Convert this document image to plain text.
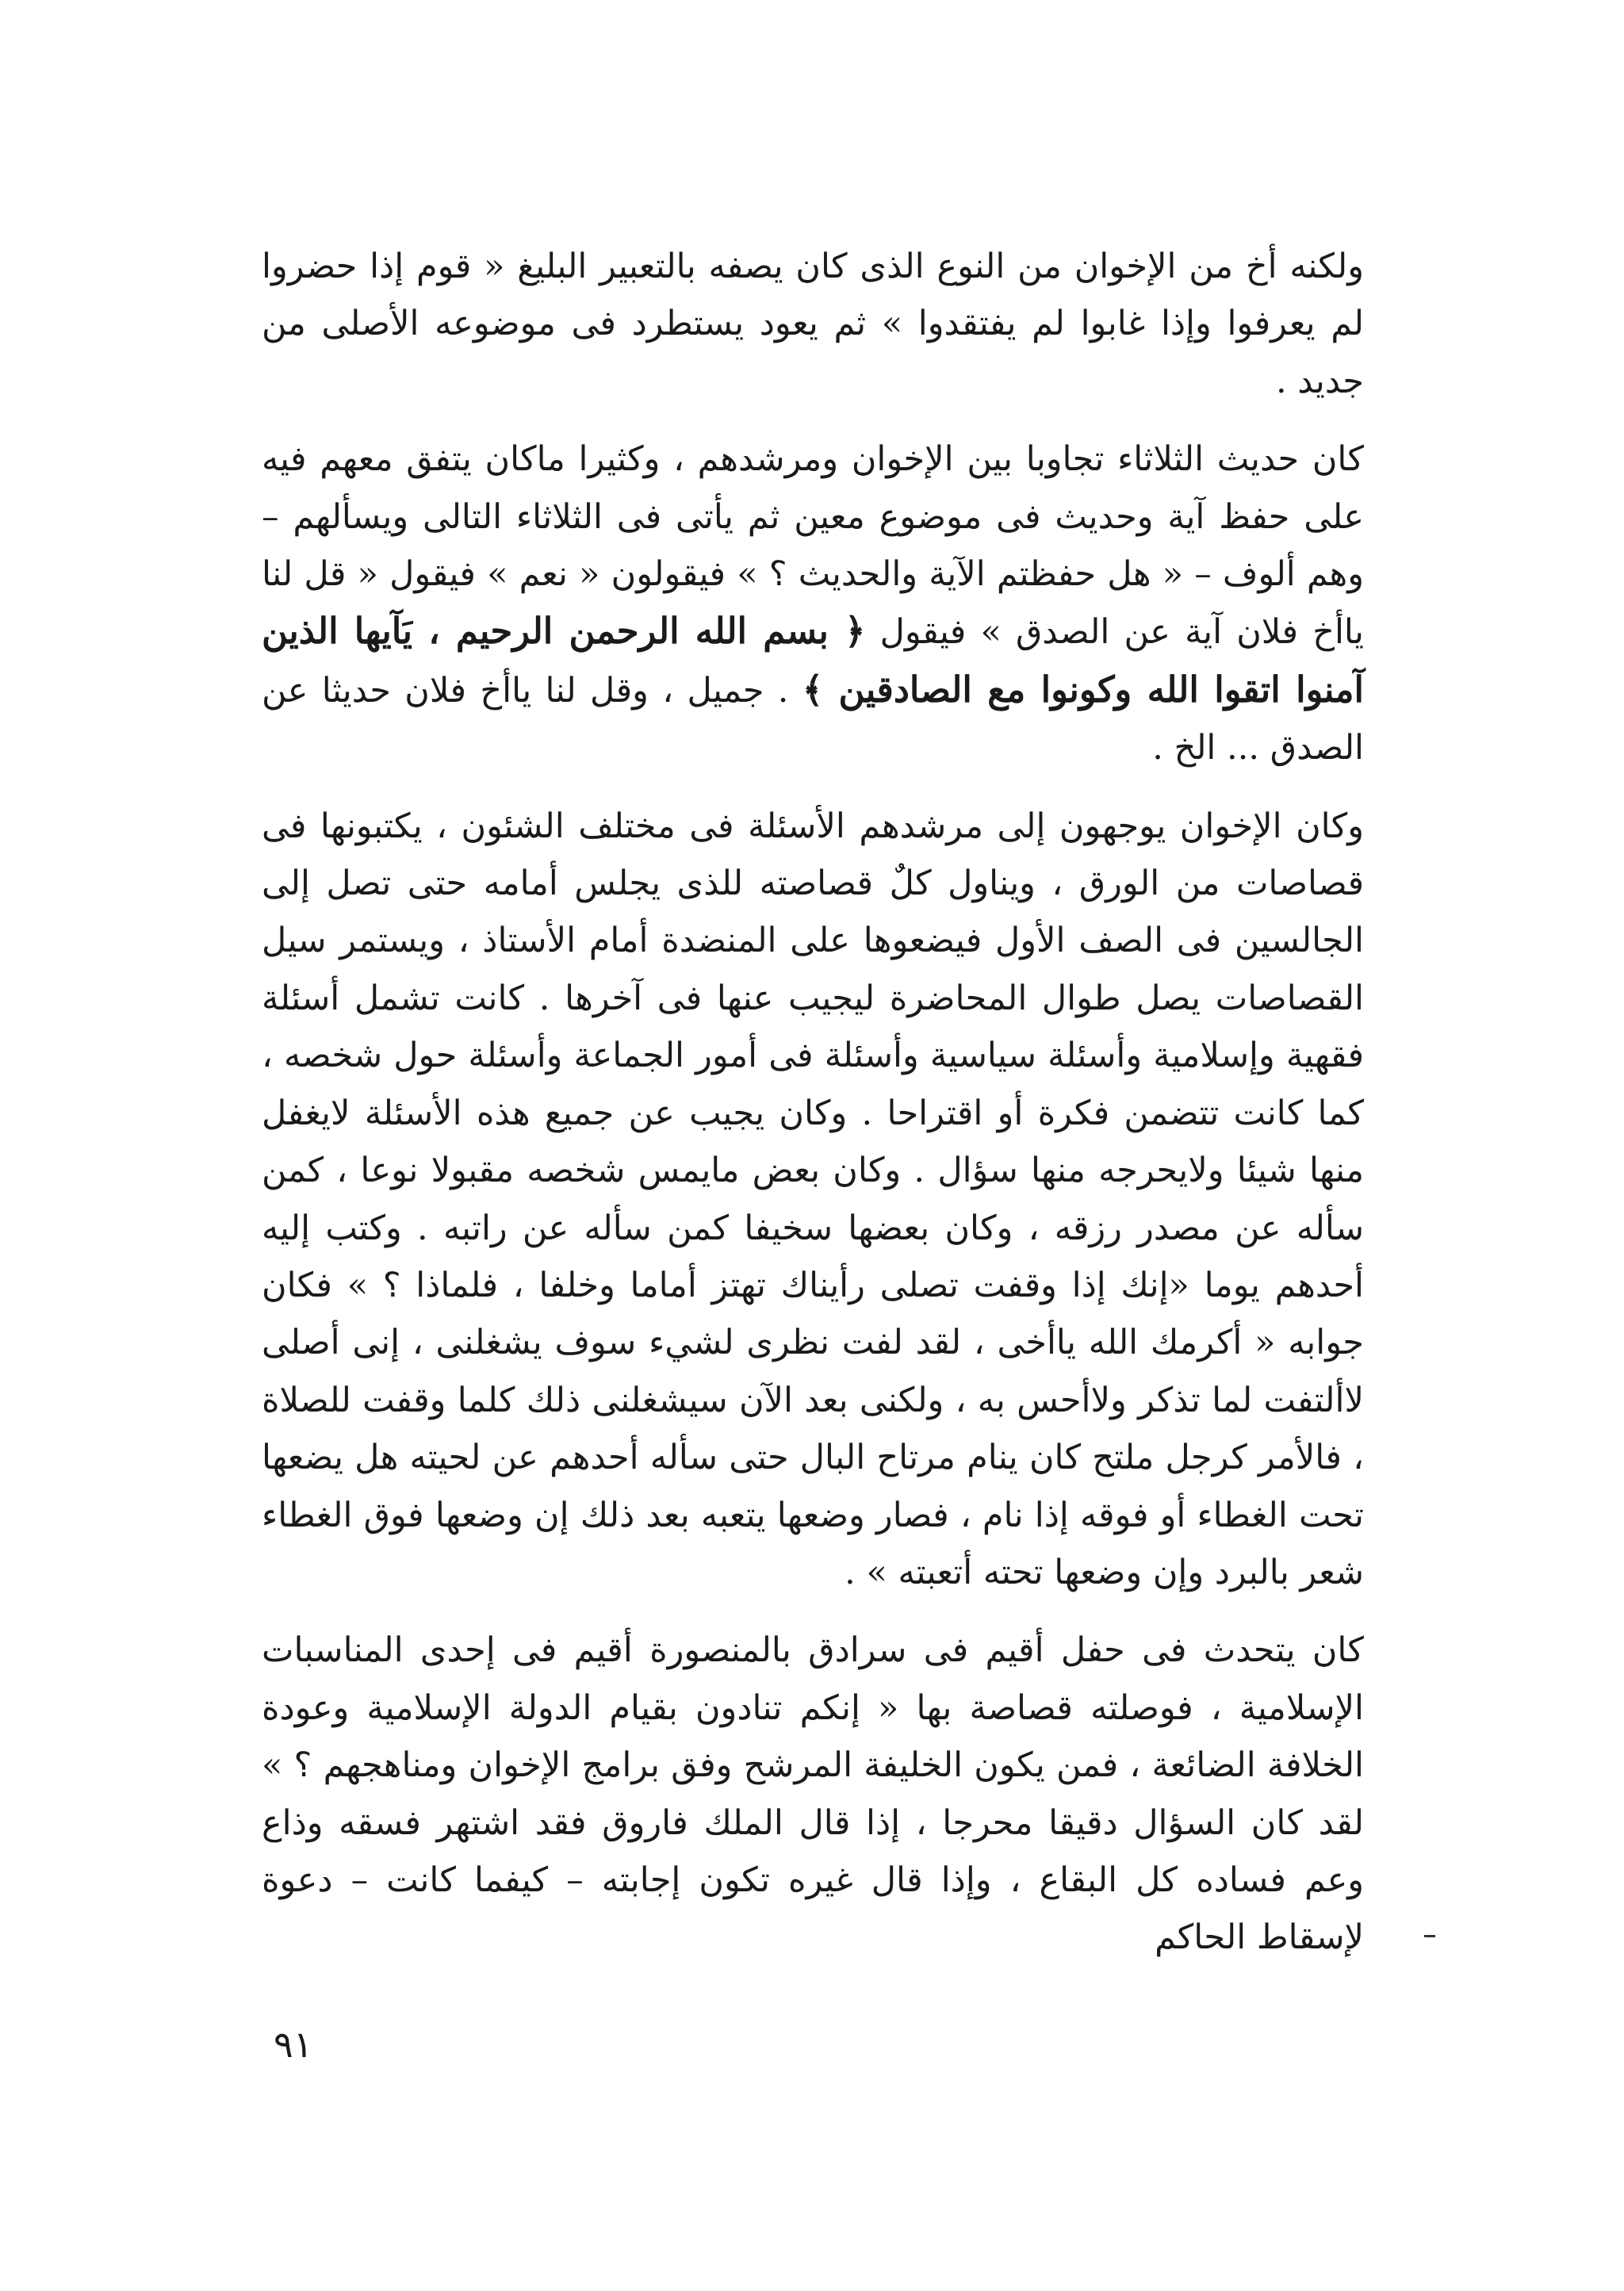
ولكنه أخ من الإخوان من النوع الذى كان يصفه بالتعبير البليغ « قوم إذا حضروا لم يعرفوا وإذا غابوا لم يفتقدوا » ثم يعود يستطرد فى موضوعه الأصلى من جديد .

كان حديث الثلاثاء تجاوبا بين الإخوان ومرشدهم ، وكثيرا ماكان يتفق معهم فيه على حفظ آية وحديث فى موضوع معين ثم يأتى فى الثلاثاء التالى ويسألهم – وهم ألوف – « هل حفظتم الآية والحديث ؟ » فيقولون « نعم » فيقول « قل لنا ياأخ فلان آية عن الصدق » فيقول ﴿ بسم الله الرحمن الرحيم ، يَآيها الذين آمنوا اتقوا الله وكونوا مع الصادقين ﴾ . جميل ، وقل لنا ياأخ فلان حديثا عن الصدق ... الخ .

وكان الإخوان يوجهون إلى مرشدهم الأسئلة فى مختلف الشئون ، يكتبونها فى قصاصات من الورق ، ويناول كلٌ قصاصته للذى يجلس أمامه حتى تصل إلى الجالسين فى الصف الأول فيضعوها على المنضدة أمام الأستاذ ، ويستمر سيل القصاصات يصل طوال المحاضرة ليجيب عنها فى آخرها . كانت تشمل أسئلة فقهية وإسلامية وأسئلة سياسية وأسئلة فى أمور الجماعة وأسئلة حول شخصه ، كما كانت تتضمن فكرة أو اقتراحا . وكان يجيب عن جميع هذه الأسئلة لايغفل منها شيئا ولايحرجه منها سؤال . وكان بعض مايمس شخصه مقبولا نوعا ، كمن سأله عن مصدر رزقه ، وكان بعضها سخيفا كمن سأله عن راتبه . وكتب إليه أحدهم يوما «إنك إذا وقفت تصلى رأيناك تهتز أماما وخلفا ، فلماذا ؟ » فكان جوابه « أكرمك الله ياأخى ، لقد لفت نظرى لشيء سوف يشغلنى ، إنى أصلى لاألتفت لما تذكر ولاأحس به ، ولكنى بعد الآن سيشغلنى ذلك كلما وقفت للصلاة ، فالأمر كرجل ملتح كان ينام مرتاح البال حتى سأله أحدهم عن لحيته هل يضعها تحت الغطاء أو فوقه إذا نام ، فصار وضعها يتعبه بعد ذلك إن وضعها فوق الغطاء شعر بالبرد وإن وضعها تحته أتعبته » .

كان يتحدث فى حفل أقيم فى سرادق بالمنصورة أقيم فى إحدى المناسبات الإسلامية ، فوصلته قصاصة بها « إنكم تنادون بقيام الدولة الإسلامية وعودة الخلافة الضائعة ، فمن يكون الخليفة المرشح وفق برامج الإخوان ومناهجهم ؟ » لقد كان السؤال دقيقا محرجا ، إذا قال الملك فاروق فقد اشتهر فسقه وذاع وعم فساده كل البقاع ، وإذا قال غيره تكون إجابته – كيفما كانت – دعوة لإسقاط الحاكم

٩١
